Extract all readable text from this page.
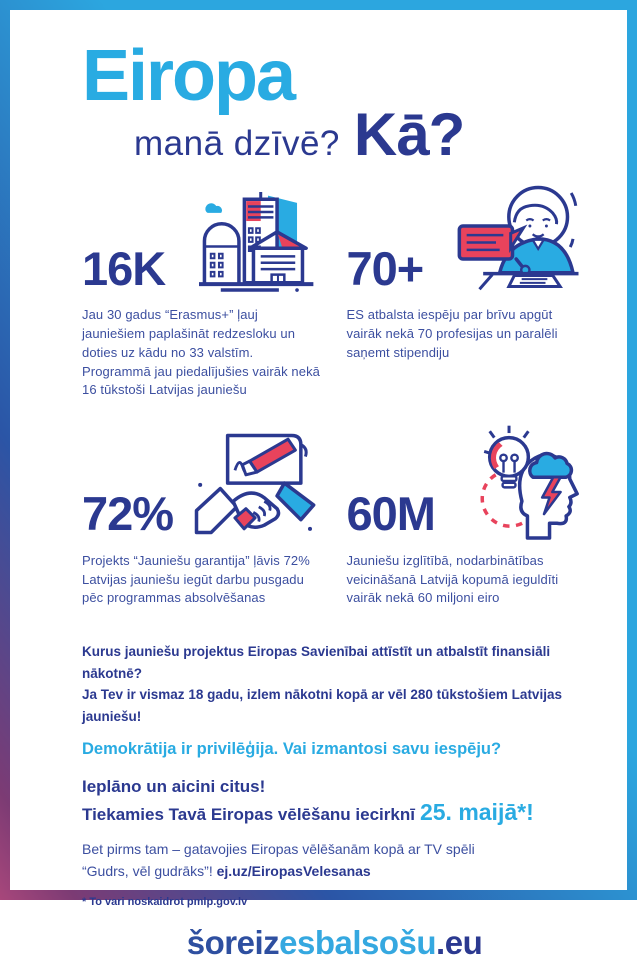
Eiropa
manā dzīvē? Kā?
16K

Jau 30 gadus “Erasmus+” ļauj jauniešiem paplašināt redzesloku un doties uz kādu no 33 valstīm. Programmā jau piedalījušies vairāk nekā 16 tūkstoši Latvijas jauniešu

70+

ES atbalsta iespēju par brīvu apgūt vairāk nekā 70 profesijas un paralēli saņemt stipendiju

72%

Projekts “Jauniešu garantija” ļāvis 72% Latvijas jauniešu iegūt darbu pusgadu pēc programmas absolvēšanas

60M

Jauniešu izglītībā, nodarbinātības veicināšanā Latvijā kopumā ieguldīti vairāk nekā 60 miljoni eiro

Kurus jauniešu projektus Eiropas Savienībai attīstīt un atbalstīt finansiāli nākotnē?
Ja Tev ir vismaz 18 gadu, izlem nākotni kopā ar vēl 280 tūkstošiem Latvijas jauniešu!
Demokrātija ir privilēģija. Vai izmantosi savu iespēju?
Ieplāno un aicini citus!
Tiekamies Tavā Eiropas vēlēšanu iecirknī 25. maijā*!
Bet pirms tam – gatavojies Eiropas vēlēšanām kopā ar TV spēli
“Gudrs, vēl gudrāks”! ej.uz/EiropasVelesanas
* To vari noskaidrot pmlp.gov.lv
šoreizesbalsošu.eu
